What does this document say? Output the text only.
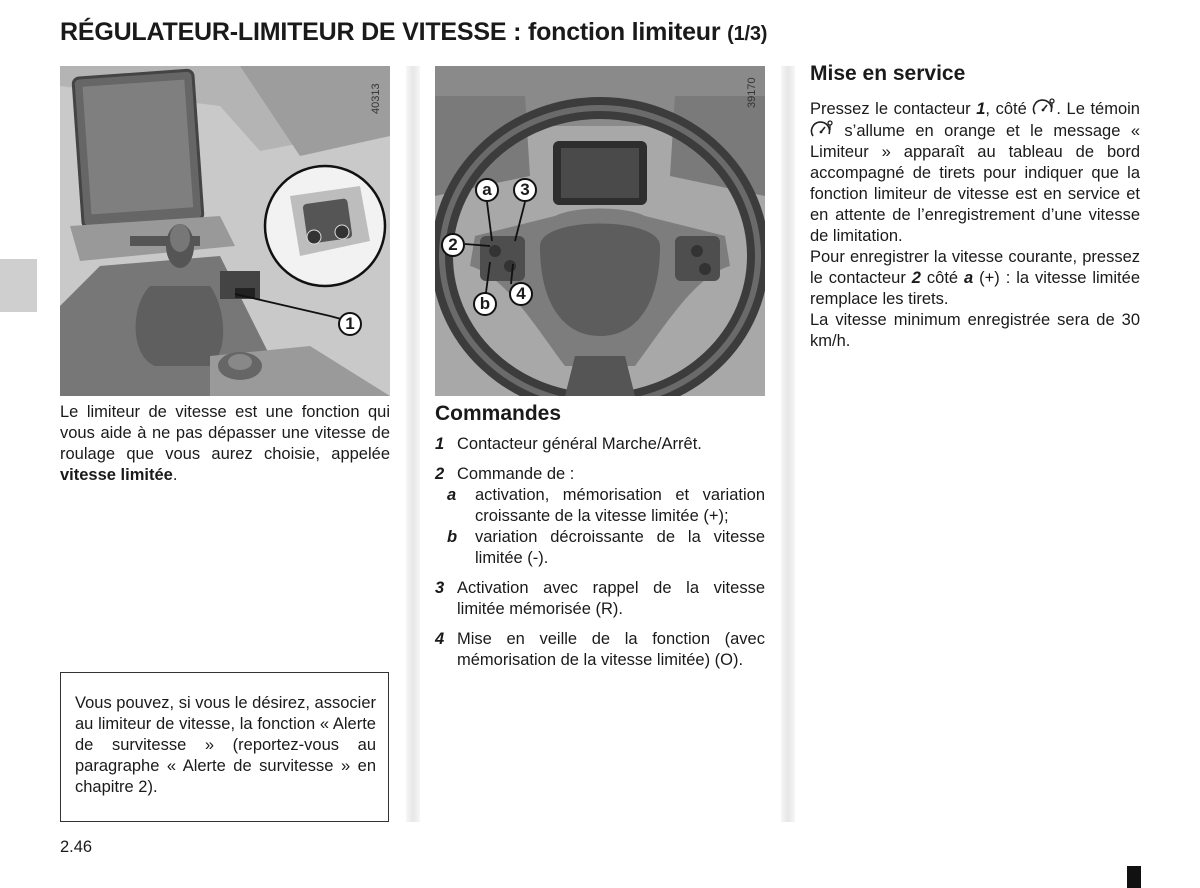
RÉGULATEUR-LIMITEUR DE VITESSE : fonction limiteur (1/3)
40313
1
39170
a	3
2
b
4

Le limiteur de vitesse est une fonction qui vous aide à ne pas dépasser une vitesse de roulage que vous aurez choisie, appelée vitesse limitée.

Vous pouvez, si vous le désirez, associer au limiteur de vitesse, la fonction « Alerte de survitesse » (reportez-vous au paragraphe « Alerte de survitesse » en chapitre 2).

Commandes
1 Contacteur général Marche/Arrêt.
2 Commande de :
a	activation, mémorisation et variation croissante de la vitesse limitée (+);
b	variation décroissante de la vitesse limitée (-).
3 Activation avec rappel de la vitesse limitée mémorisée (R).
4 Mise en veille de la fonction (avec mémorisation de la vitesse limitée) (O).
Mise en service

Pressez le contacteur 1, côté . Le témoin  s’allume en orange et le message « Limiteur » apparaît au tableau de bord accompagné de tirets pour indiquer que la fonction limiteur de vitesse est en service et en attente de l’enregistrement d’une vitesse de limitation.

Pour enregistrer la vitesse courante, pressez le contacteur 2 côté a (+) : la vitesse limitée remplace les tirets.

La vitesse minimum enregistrée sera de 30 km/h.

2.46
